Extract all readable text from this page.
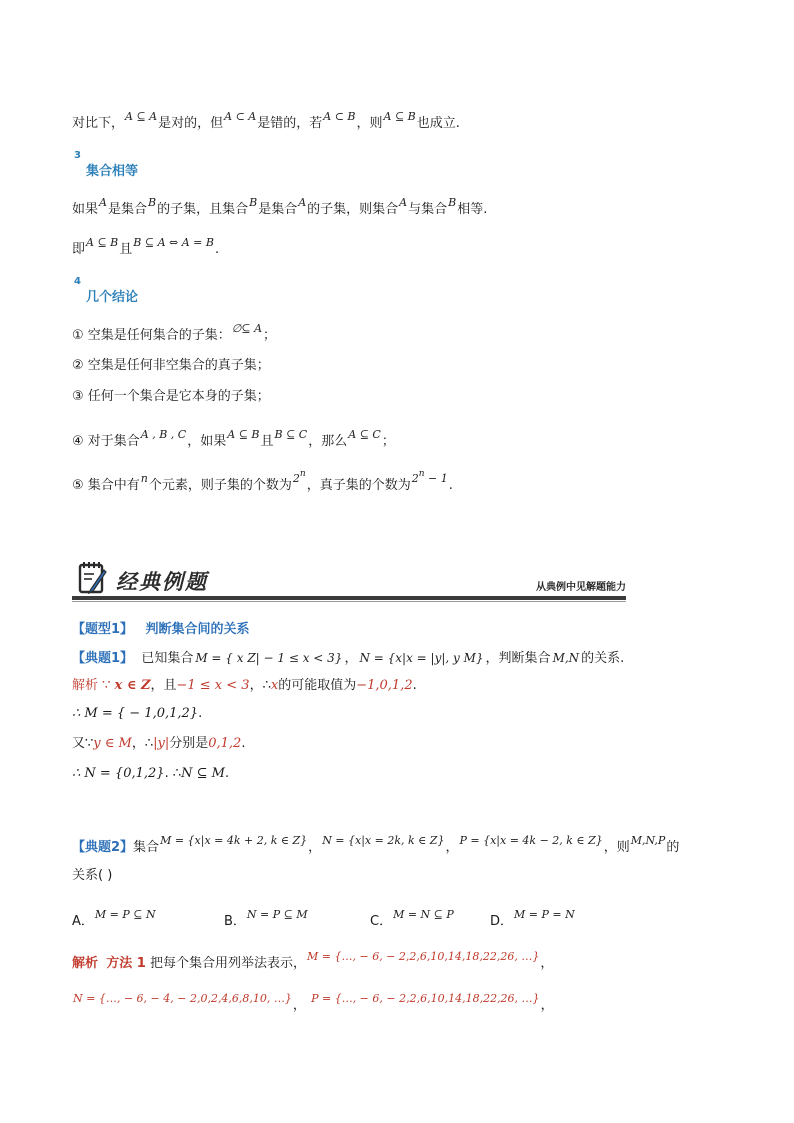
对比下，$^{A ⊆ A}$是对的，但$^{A \subset A}$是错的，若$^{A \subset B}$，则$^{A ⊆ B}$也成立.
3
集合相等
如果$^A$是集合$^B$的子集，且集合$^B$是集合$^A$的子集，则集合$^A$与集合$^B$相等.
即$^{A ⊆ B}$且$^{B ⊆ A \Leftrightarrow A = B}$.
4
几个结论
① 空集是任何集合的子集：$^{\emptyset⊆ A}$；
② 空集是任何非空集合的真子集；
③ 任何一个集合是它本身的子集；
④ 对于集合$^{A , B , C}$，如果$^{A ⊆ B}$且$^{B ⊆ C}$，那么$^{A ⊆ C}$；
⑤ 集合中有$^n$个元素，则子集的个数为$^{2^n}$，真子集的个数为$^{2^n - 1}$.
经典例题	从典例中见解题能力
【题型1】 判断集合间的关系
【典题1】 已知集合 M = { x Z| − 1 ≤ x < 3} ， N = {x|x = |y|, y M} ，判断集合 M,N 的关系.
解析 ∵ x ∈ Z，且−1 ≤ x < 3，∴x的可能取值为−1,0,1,2.
∴ M = { − 1,0,1,2}.
又∵y ∈ M，∴|y|分别是0,1,2.
∴ N = {0,1,2}. ∴N ⊆ M.
【典题2】集合$^{M = \{x|x = 4k + 2, k \in Z\}}$，$^{N = \{x|x = 2k, k \in Z\}}$，$^{P = \{x|x = 4k - 2, k \in Z\}}$，则$^{M,N,P}$的
关系( )
A．$^{M = P ⊆ N}$	B．$^{N = P ⊆ M}$	C．$^{M = N ⊆ P}$	D．$^{M = P = N}$
解析 方法 1 把每个集合用列举法表示，$^{M = \{\dots, - 6, - 2,2,6,10,14,18,22,26, \dots\}}$，
$^{N = \{\dots, - 6, - 4, - 2,0,2,4,6,8,10, \dots\}}$， $^{P = \{\dots, - 6, - 2,2,6,10,14,18,22,26, \dots\}}$，
